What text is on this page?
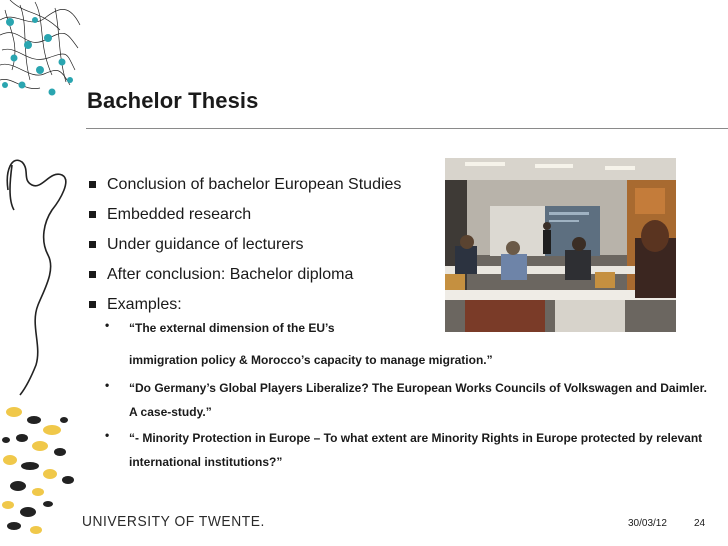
Bachelor Thesis
Conclusion of bachelor European Studies
Embedded research
Under guidance of lecturers
After conclusion: Bachelor diploma
Examples:
• “The external dimension of the EU’s
immigration policy & Morocco’s capacity to manage migration.”
• “Do Germany’s Global Players Liberalize? The European Works Councils of Volkswagen and Daimler.
A case-study.”
• “- Minority Protection in Europe – To what extent are Minority Rights in Europe protected by relevant
international institutions?”
UNIVERSITY OF TWENTE.	30/03/12	24
